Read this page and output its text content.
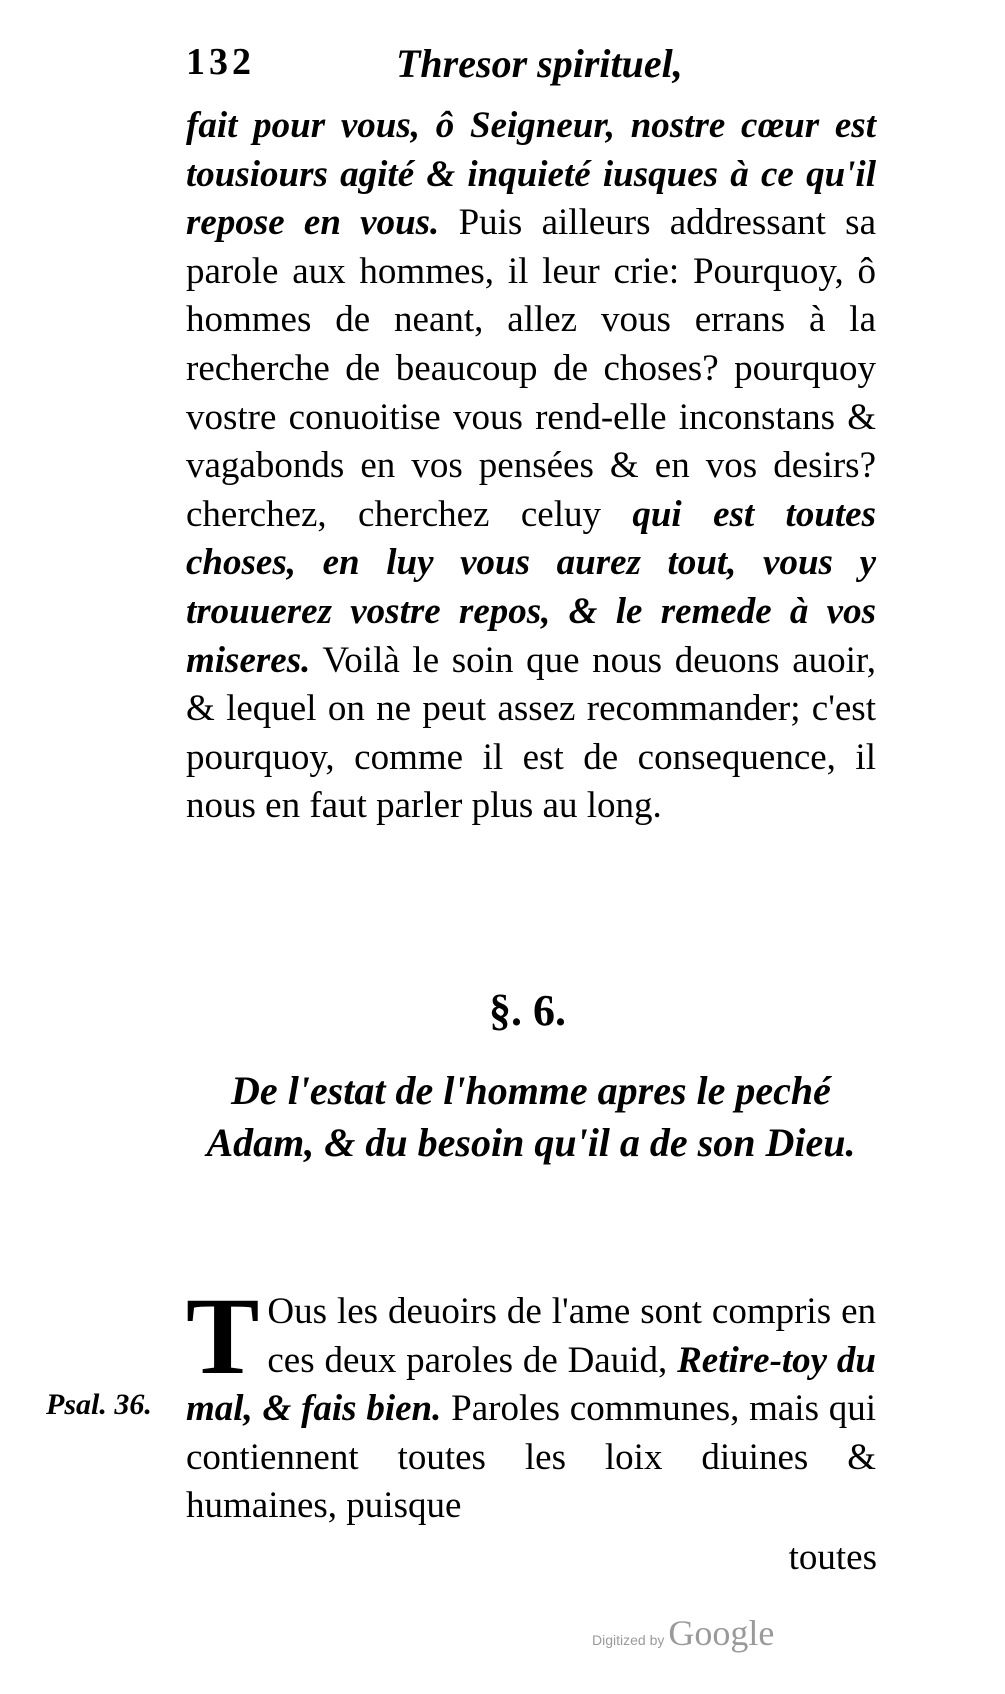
132	Thresor spirituel,

fait pour vous, ô Seigneur, nostre cœur est tousiours agité & inquieté iusques à ce qu'il repose en vous. Puis ailleurs addressant sa parole aux hommes, il leur crie: Pourquoy, ô hommes de neant, allez vous errans à la recherche de beaucoup de choses? pourquoy vostre conuoitise vous rend-elle inconstans & vagabonds en vos pensées & en vos desirs? cherchez, cherchez celuy qui est toutes choses, en luy vous aurez tout, vous y trouuerez vostre repos, & le remede à vos miseres. Voilà le soin que nous deuons auoir, & lequel on ne peut assez recommander; c'est pourquoy, comme il est de consequence, il nous en faut parler plus au long.

§. 6.

De l'estat de l'homme apres le peché Adam, & du besoin qu'il a de son Dieu.

Psal. 36.

T Ous les deuoirs de l'ame sont compris en ces deux paroles de Dauid, Retire-toy du mal, & fais bien. Paroles communes, mais qui contiennent toutes les loix diuines & humaines, puisque

toutes
Digitized by Google
